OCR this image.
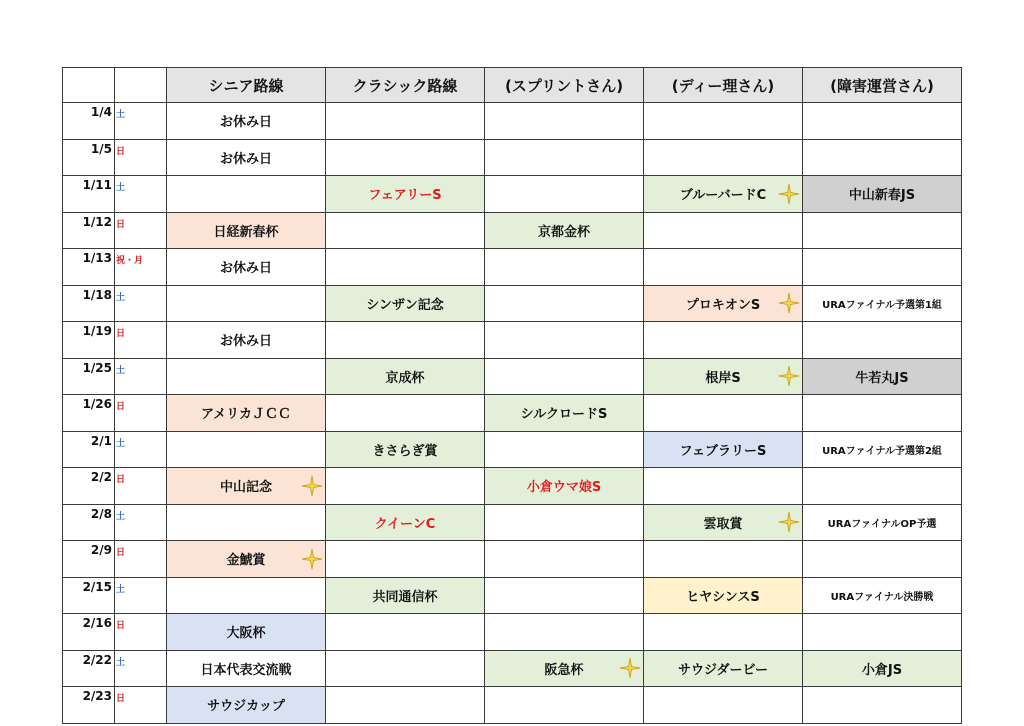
		シニア路線	クラシック路線	(スプリントさん)	(ディー理さん)	(障害運営さん)
1/4	土	お休み日				
1/5	日	お休み日				
1/11	土		フェアリーS		ブルーバードC	中山新春JS
1/12	日	日経新春杯		京都金杯		
1/13	祝・月	お休み日				
1/18	土		シンザン記念		プロキオンS	URAファイナル予選第1組
1/19	日	お休み日				
1/25	土		京成杯		根岸S	牛若丸JS
1/26	日	アメリカＪＣＣ		シルクロードS		
2/1	土		きさらぎ賞		フェブラリーS	URAファイナル予選第2組
2/2	日	中山記念		小倉ウマ娘S		
2/8	土		クイーンC		雲取賞	URAファイナルOP予選
2/9	日	金鯱賞

2/15	土		共同通信杯		ヒヤシンスS	URAファイナル決勝戦
2/16	日	大阪杯				
2/22	土	日本代表交流戦		阪急杯	サウジダービー	小倉JS
2/23	日	サウジカップ				
